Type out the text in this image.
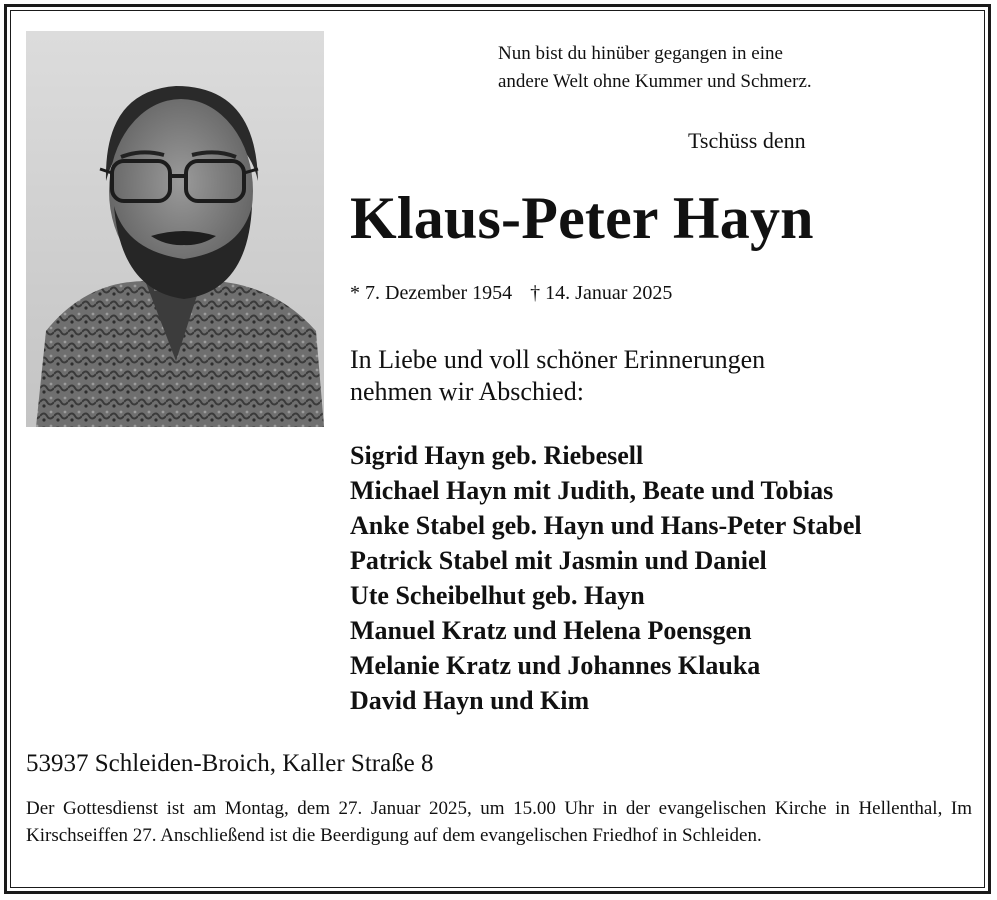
Nun bist du hinüber gegangen in eine
andere Welt ohne Kummer und Schmerz.
Tschüss denn
Klaus-Peter Hayn
* 7. Dezember 1954 † 14. Januar 2025
In Liebe und voll schöner Erinnerungen
nehmen wir Abschied:
Sigrid Hayn geb. Riebesell
Michael Hayn mit Judith, Beate und Tobias
Anke Stabel geb. Hayn und Hans-Peter Stabel
Patrick Stabel mit Jasmin und Daniel
Ute Scheibelhut geb. Hayn
Manuel Kratz und Helena Poensgen
Melanie Kratz und Johannes Klauka
David Hayn und Kim
53937 Schleiden-Broich, Kaller Straße 8
Der Gottesdienst ist am Montag, dem 27. Januar 2025, um 15.00 Uhr in der evangelischen Kirche in Hellenthal, Im Kirschseiffen 27. Anschließend ist die Beerdigung auf dem evangelischen Friedhof in Schleiden.
